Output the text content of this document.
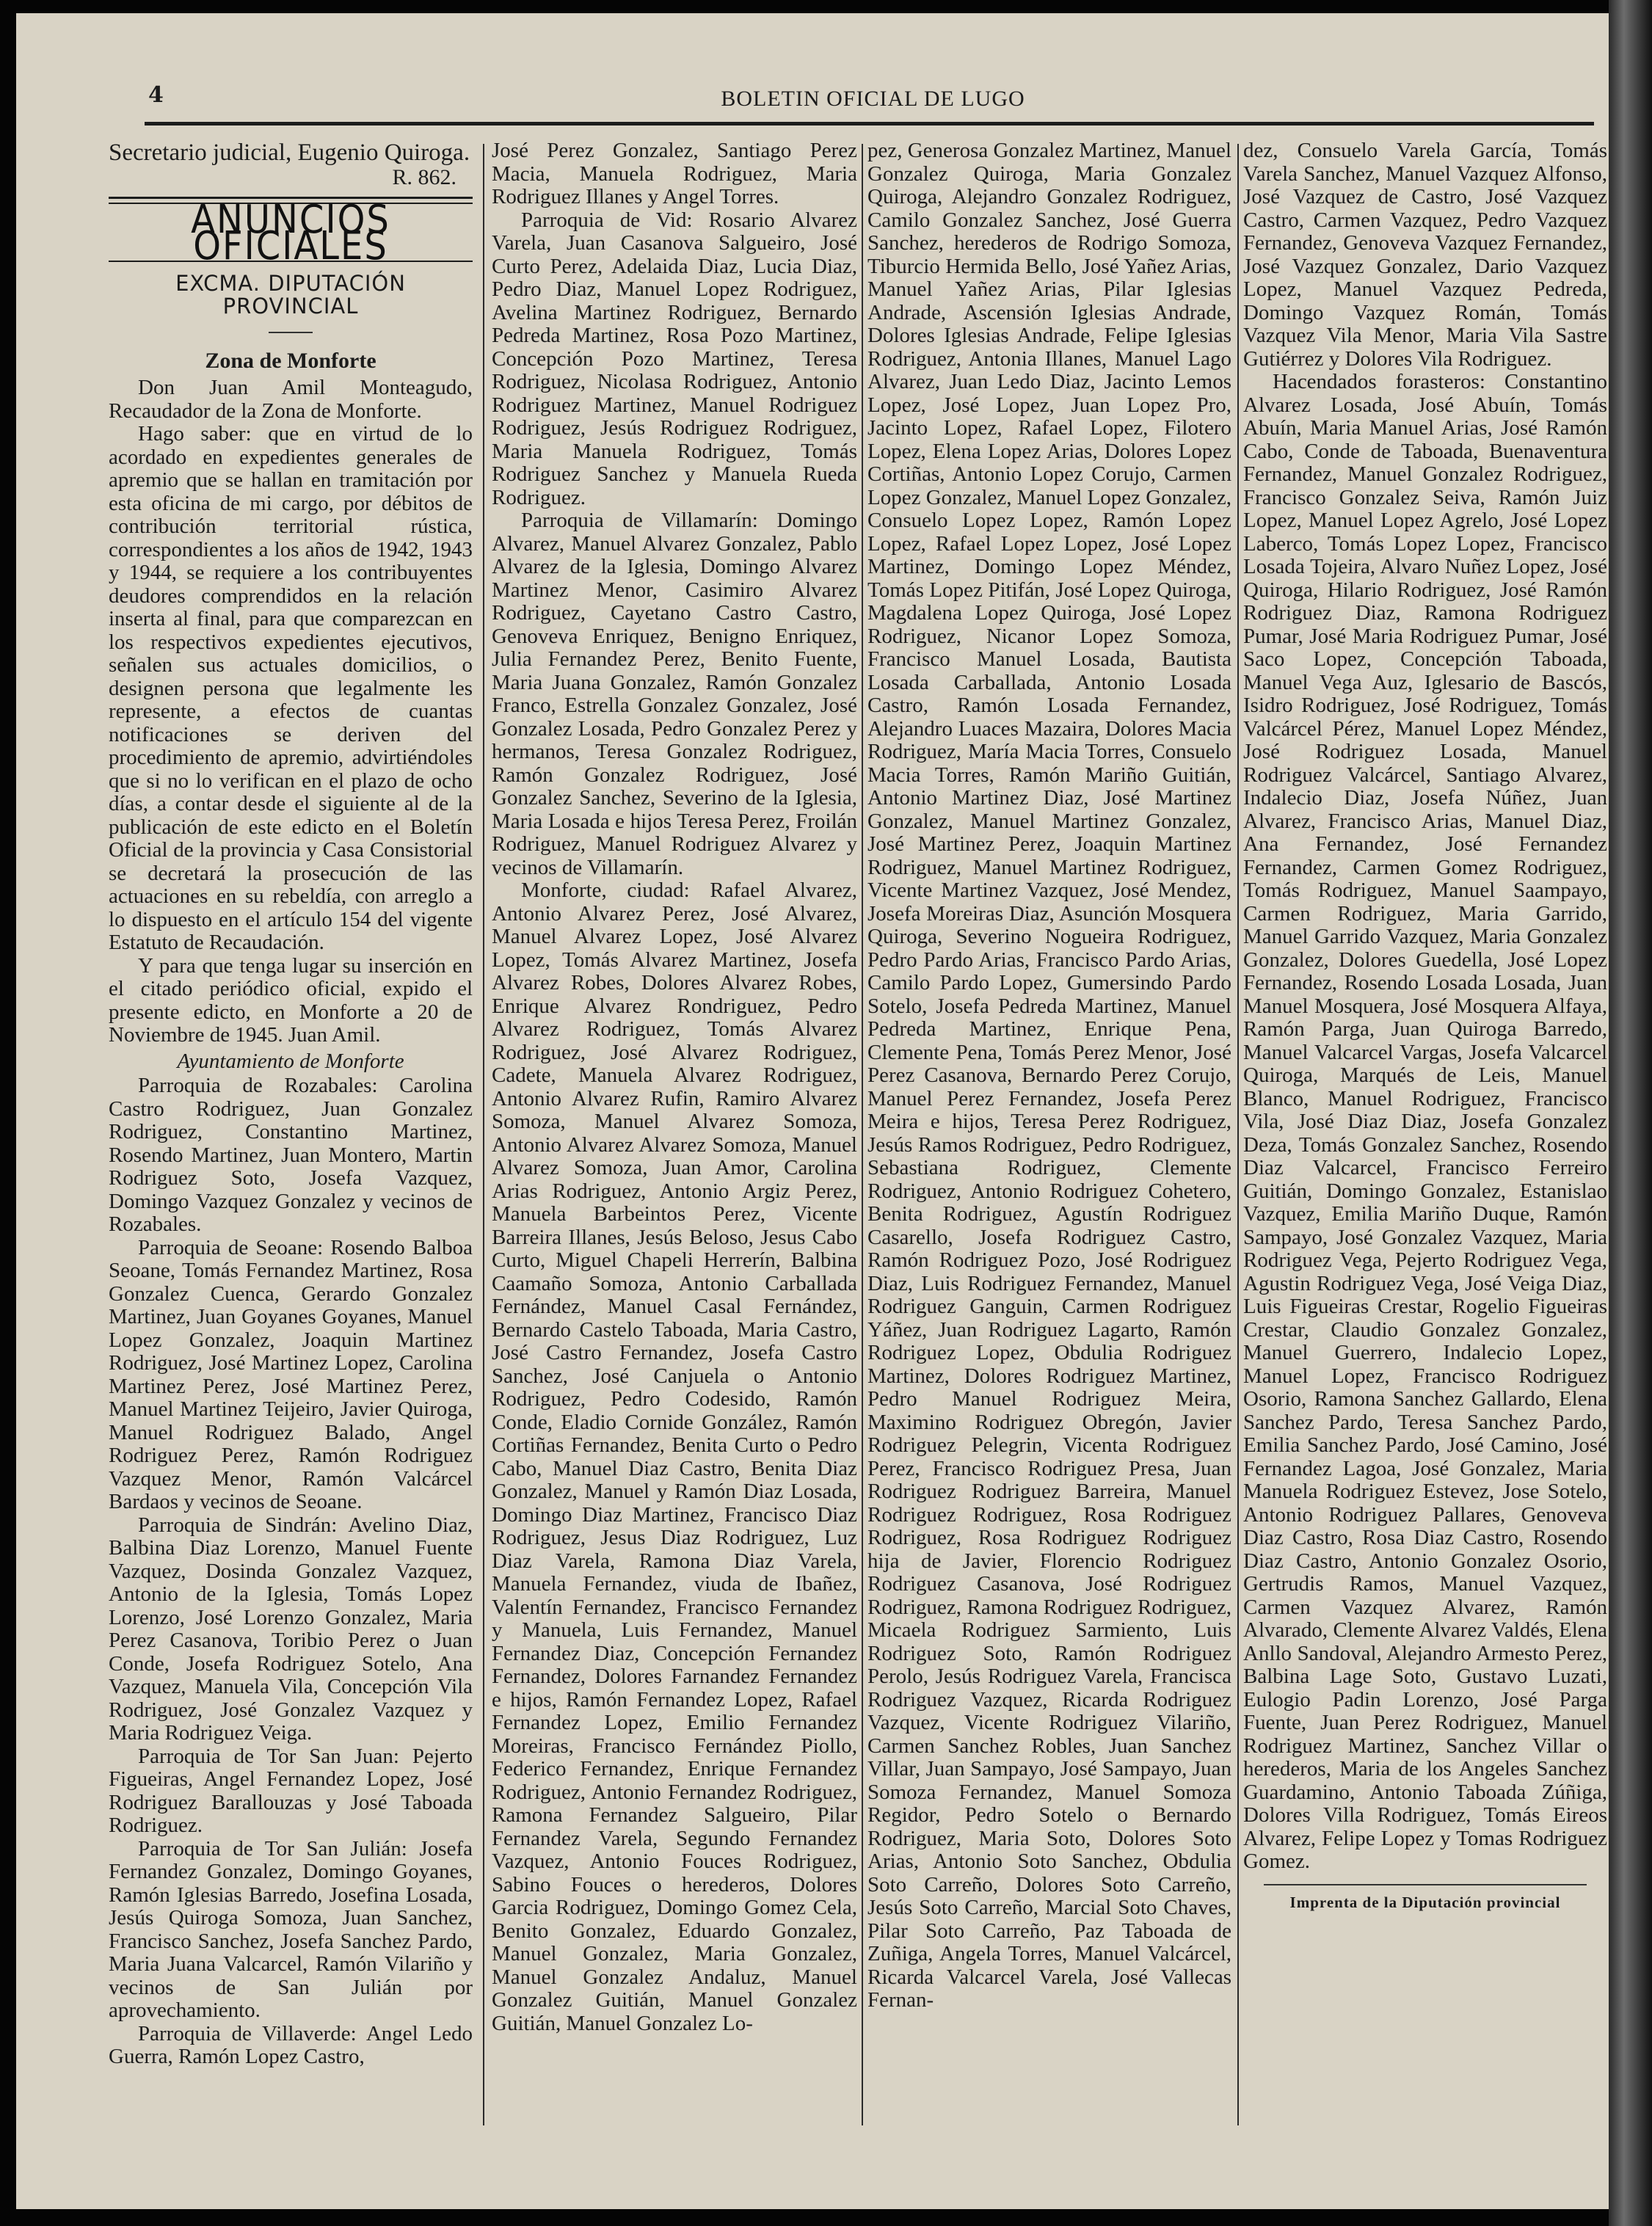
4	BOLETIN OFICIAL DE LUGO

Secretario judicial, Eugenio Quiroga.

R. 862.

ANUNCIOS OFICIALES
EXCMA. DIPUTACIÓN PROVINCIAL
Zona de Monforte

Don Juan Amil Monteagudo, Recaudador de la Zona de Monforte.

Hago saber: que en virtud de lo acordado en expedientes generales de apremio que se hallan en tramitación por esta oficina de mi cargo, por débitos de contribución territorial rústica, correspondientes a los años de 1942, 1943 y 1944, se requiere a los contribuyentes deudores comprendidos en la relación inserta al final, para que comparezcan en los respectivos expedientes ejecutivos, señalen sus actuales domicilios, o designen persona que legalmente les represente, a efectos de cuantas notificaciones se deriven del procedimiento de apremio, advirtiéndoles que si no lo verifican en el plazo de ocho días, a contar desde el siguiente al de la publicación de este edicto en el Boletín Oficial de la provincia y Casa Consistorial se decretará la prosecución de las actuaciones en su rebeldía, con arreglo a lo dispuesto en el artículo 154 del vigente Estatuto de Recaudación.

Y para que tenga lugar su inserción en el citado periódico oficial, expido el presente edicto, en Monforte a 20 de Noviembre de 1945. Juan Amil.

Ayuntamiento de Monforte

Parroquia de Rozabales: Carolina Castro Rodriguez, Juan Gonzalez Rodriguez, Constantino Martinez, Rosendo Martinez, Juan Montero, Martin Rodriguez Soto, Josefa Vazquez, Domingo Vazquez Gonzalez y vecinos de Rozabales.

Parroquia de Seoane: Rosendo Balboa Seoane, Tomás Fernandez Martinez, Rosa Gonzalez Cuenca, Gerardo Gonzalez Martinez, Juan Goyanes Goyanes, Manuel Lopez Gonzalez, Joaquin Martinez Rodriguez, José Martinez Lopez, Carolina Martinez Perez, José Martinez Perez, Manuel Martinez Teijeiro, Javier Quiroga, Manuel Rodriguez Balado, Angel Rodriguez Perez, Ramón Rodriguez Vazquez Menor, Ramón Valcárcel Bardaos y vecinos de Seoane.

Parroquia de Sindrán: Avelino Diaz, Balbina Diaz Lorenzo, Manuel Fuente Vazquez, Dosinda Gonzalez Vazquez, Antonio de la Iglesia, Tomás Lopez Lorenzo, José Lorenzo Gonzalez, Maria Perez Casanova, Toribio Perez o Juan Conde, Josefa Rodriguez Sotelo, Ana Vazquez, Manuela Vila, Concepción Vila Rodriguez, José Gonzalez Vazquez y Maria Rodriguez Veiga.

Parroquia de Tor San Juan: Pejerto Figueiras, Angel Fernandez Lopez, José Rodriguez Barallouzas y José Taboada Rodriguez.

Parroquia de Tor San Julián: Josefa Fernandez Gonzalez, Domingo Goyanes, Ramón Iglesias Barredo, Josefina Losada, Jesús Quiroga Somoza, Juan Sanchez, Francisco Sanchez, Josefa Sanchez Pardo, Maria Juana Valcarcel, Ramón Vilariño y vecinos de San Julián por aprovechamiento.

Parroquia de Villaverde: Angel Ledo Guerra, Ramón Lopez Castro,

José Perez Gonzalez, Santiago Perez Macia, Manuela Rodriguez, Maria Rodriguez Illanes y Angel Torres.

Parroquia de Vid: Rosario Alvarez Varela, Juan Casanova Salgueiro, José Curto Perez, Adelaida Diaz, Lucia Diaz, Pedro Diaz, Manuel Lopez Rodriguez, Avelina Martinez Rodriguez, Bernardo Pedreda Martinez, Rosa Pozo Martinez, Concepción Pozo Martinez, Teresa Rodriguez, Nicolasa Rodriguez, Antonio Rodriguez Martinez, Manuel Rodriguez Rodriguez, Jesús Rodriguez Rodriguez, Maria Manuela Rodriguez, Tomás Rodriguez Sanchez y Manuela Rueda Rodriguez.

Parroquia de Villamarín: Domingo Alvarez, Manuel Alvarez Gonzalez, Pablo Alvarez de la Iglesia, Domingo Alvarez Martinez Menor, Casimiro Alvarez Rodriguez, Cayetano Castro Castro, Genoveva Enriquez, Benigno Enriquez, Julia Fernandez Perez, Benito Fuente, Maria Juana Gonzalez, Ramón Gonzalez Franco, Estrella Gonzalez Gonzalez, José Gonzalez Losada, Pedro Gonzalez Perez y hermanos, Teresa Gonzalez Rodriguez, Ramón Gonzalez Rodriguez, José Gonzalez Sanchez, Severino de la Iglesia, Maria Losada e hijos Teresa Perez, Froilán Rodriguez, Manuel Rodriguez Alvarez y vecinos de Villamarín.

Monforte, ciudad: Rafael Alvarez, Antonio Alvarez Perez, José Alvarez, Manuel Alvarez Lopez, José Alvarez Lopez, Tomás Alvarez Martinez, Josefa Alvarez Robes, Dolores Alvarez Robes, Enrique Alvarez Rondriguez, Pedro Alvarez Rodriguez, Tomás Alvarez Rodriguez, José Alvarez Rodriguez, Cadete, Manuela Alvarez Rodriguez, Antonio Alvarez Rufin, Ramiro Alvarez Somoza, Manuel Alvarez Somoza, Antonio Alvarez Alvarez Somoza, Manuel Alvarez Somoza, Juan Amor, Carolina Arias Rodriguez, Antonio Argiz Perez, Manuela Barbeintos Perez, Vicente Barreira Illanes, Jesús Beloso, Jesus Cabo Curto, Miguel Chapeli Herrerín, Balbina Caamaño Somoza, Antonio Carballada Fernández, Manuel Casal Fernández, Bernardo Castelo Taboada, Maria Castro, José Castro Fernandez, Josefa Castro Sanchez, José Canjuela o Antonio Rodriguez, Pedro Codesido, Ramón Conde, Eladio Cornide González, Ramón Cortiñas Fernandez, Benita Curto o Pedro Cabo, Manuel Diaz Castro, Benita Diaz Gonzalez, Manuel y Ramón Diaz Losada, Domingo Diaz Martinez, Francisco Diaz Rodriguez, Jesus Diaz Rodriguez, Luz Diaz Varela, Ramona Diaz Varela, Manuela Fernandez, viuda de Ibañez, Valentín Fernandez, Francisco Fernandez y Manuela, Luis Fernandez, Manuel Fernandez Diaz, Concepción Fernandez Fernandez, Dolores Farnandez Fernandez e hijos, Ramón Fernandez Lopez, Rafael Fernandez Lopez, Emilio Fernandez Moreiras, Francisco Fernández Piollo, Federico Fernandez, Enrique Fernandez Rodriguez, Antonio Fernandez Rodriguez, Ramona Fernandez Salgueiro, Pilar Fernandez Varela, Segundo Fernandez Vazquez, Antonio Fouces Rodriguez, Sabino Fouces o herederos, Dolores Garcia Rodriguez, Domingo Gomez Cela, Benito Gonzalez, Eduardo Gonzalez, Manuel Gonzalez, Maria Gonzalez, Manuel Gonzalez Andaluz, Manuel Gonzalez Guitián, Manuel Gonzalez Guitián, Manuel Gonzalez Lo-

pez, Generosa Gonzalez Martinez, Manuel Gonzalez Quiroga, Maria Gonzalez Quiroga, Alejandro Gonzalez Rodriguez, Camilo Gonzalez Sanchez, José Guerra Sanchez, herederos de Rodrigo Somoza, Tiburcio Hermida Bello, José Yañez Arias, Manuel Yañez Arias, Pilar Iglesias Andrade, Ascensión Iglesias Andrade, Dolores Iglesias Andrade, Felipe Iglesias Rodriguez, Antonia Illanes, Manuel Lago Alvarez, Juan Ledo Diaz, Jacinto Lemos Lopez, José Lopez, Juan Lopez Pro, Jacinto Lopez, Rafael Lopez, Filotero Lopez, Elena Lopez Arias, Dolores Lopez Cortiñas, Antonio Lopez Corujo, Carmen Lopez Gonzalez, Manuel Lopez Gonzalez, Consuelo Lopez Lopez, Ramón Lopez Lopez, Rafael Lopez Lopez, José Lopez Martinez, Domingo Lopez Méndez, Tomás Lopez Pitifán, José Lopez Quiroga, Magdalena Lopez Quiroga, José Lopez Rodriguez, Nicanor Lopez Somoza, Francisco Manuel Losada, Bautista Losada Carballada, Antonio Losada Castro, Ramón Losada Fernandez, Alejandro Luaces Mazaira, Dolores Macia Rodriguez, María Macia Torres, Consuelo Macia Torres, Ramón Mariño Guitián, Antonio Martinez Diaz, José Martinez Gonzalez, Manuel Martinez Gonzalez, José Martinez Perez, Joaquin Martinez Rodriguez, Manuel Martinez Rodriguez, Vicente Martinez Vazquez, José Mendez, Josefa Moreiras Diaz, Asunción Mosquera Quiroga, Severino Nogueira Rodriguez, Pedro Pardo Arias, Francisco Pardo Arias, Camilo Pardo Lopez, Gumersindo Pardo Sotelo, Josefa Pedreda Martinez, Manuel Pedreda Martinez, Enrique Pena, Clemente Pena, Tomás Perez Menor, José Perez Casanova, Bernardo Perez Corujo, Manuel Perez Fernandez, Josefa Perez Meira e hijos, Teresa Perez Rodriguez, Jesús Ramos Rodriguez, Pedro Rodriguez, Sebastiana Rodriguez, Clemente Rodriguez, Antonio Rodriguez Cohetero, Benita Rodriguez, Agustín Rodriguez Casarello, Josefa Rodriguez Castro, Ramón Rodriguez Pozo, José Rodriguez Diaz, Luis Rodriguez Fernandez, Manuel Rodriguez Ganguin, Carmen Rodriguez Yáñez, Juan Rodriguez Lagarto, Ramón Rodriguez Lopez, Obdulia Rodriguez Martinez, Dolores Rodriguez Martinez, Pedro Manuel Rodriguez Meira, Maximino Rodriguez Obregón, Javier Rodriguez Pelegrin, Vicenta Rodriguez Perez, Francisco Rodriguez Presa, Juan Rodriguez Rodriguez Barreira, Manuel Rodriguez Rodriguez, Rosa Rodriguez Rodriguez, Rosa Rodriguez Rodriguez hija de Javier, Florencio Rodriguez Rodriguez Casanova, José Rodriguez Rodriguez, Ramona Rodriguez Rodriguez, Micaela Rodriguez Sarmiento, Luis Rodriguez Soto, Ramón Rodriguez Perolo, Jesús Rodriguez Varela, Francisca Rodriguez Vazquez, Ricarda Rodriguez Vazquez, Vicente Rodriguez Vilariño, Carmen Sanchez Robles, Juan Sanchez Villar, Juan Sampayo, José Sampayo, Juan Somoza Fernandez, Manuel Somoza Regidor, Pedro Sotelo o Bernardo Rodriguez, Maria Soto, Dolores Soto Arias, Antonio Soto Sanchez, Obdulia Soto Carreño, Dolores Soto Carreño, Jesús Soto Carreño, Marcial Soto Chaves, Pilar Soto Carreño, Paz Taboada de Zuñiga, Angela Torres, Manuel Valcárcel, Ricarda Valcarcel Varela, José Vallecas Fernan-

dez, Consuelo Varela García, Tomás Varela Sanchez, Manuel Vazquez Alfonso, José Vazquez de Castro, José Vazquez Castro, Carmen Vazquez, Pedro Vazquez Fernandez, Genoveva Vazquez Fernandez, José Vazquez Gonzalez, Dario Vazquez Lopez, Manuel Vazquez Pedreda, Domingo Vazquez Román, Tomás Vazquez Vila Menor, Maria Vila Sastre Gutiérrez y Dolores Vila Rodriguez.

Hacendados forasteros: Constantino Alvarez Losada, José Abuín, Tomás Abuín, Maria Manuel Arias, José Ramón Cabo, Conde de Taboada, Buenaventura Fernandez, Manuel Gonzalez Rodriguez, Francisco Gonzalez Seiva, Ramón Juiz Lopez, Manuel Lopez Agrelo, José Lopez Laberco, Tomás Lopez Lopez, Francisco Losada Tojeira, Alvaro Nuñez Lopez, José Quiroga, Hilario Rodriguez, José Ramón Rodriguez Diaz, Ramona Rodriguez Pumar, José Maria Rodriguez Pumar, José Saco Lopez, Concepción Taboada, Manuel Vega Auz, Iglesario de Bascós, Isidro Rodriguez, José Rodriguez, Tomás Valcárcel Pérez, Manuel Lopez Méndez, José Rodriguez Losada, Manuel Rodriguez Valcárcel, Santiago Alvarez, Indalecio Diaz, Josefa Núñez, Juan Alvarez, Francisco Arias, Manuel Diaz, Ana Fernandez, José Fernandez Fernandez, Carmen Gomez Rodriguez, Tomás Rodriguez, Manuel Saampayo, Carmen Rodriguez, Maria Garrido, Manuel Garrido Vazquez, Maria Gonzalez Gonzalez, Dolores Guedella, José Lopez Fernandez, Rosendo Losada Losada, Juan Manuel Mosquera, José Mosquera Alfaya, Ramón Parga, Juan Quiroga Barredo, Manuel Valcarcel Vargas, Josefa Valcarcel Quiroga, Marqués de Leis, Manuel Blanco, Manuel Rodriguez, Francisco Vila, José Diaz Diaz, Josefa Gonzalez Deza, Tomás Gonzalez Sanchez, Rosendo Diaz Valcarcel, Francisco Ferreiro Guitián, Domingo Gonzalez, Estanislao Vazquez, Emilia Mariño Duque, Ramón Sampayo, José Gonzalez Vazquez, Maria Rodriguez Vega, Pejerto Rodriguez Vega, Agustin Rodriguez Vega, José Veiga Diaz, Luis Figueiras Crestar, Rogelio Figueiras Crestar, Claudio Gonzalez Gonzalez, Manuel Guerrero, Indalecio Lopez, Manuel Lopez, Francisco Rodriguez Osorio, Ramona Sanchez Gallardo, Elena Sanchez Pardo, Teresa Sanchez Pardo, Emilia Sanchez Pardo, José Camino, José Fernandez Lagoa, José Gonzalez, Maria Manuela Rodriguez Estevez, Jose Sotelo, Antonio Rodriguez Pallares, Genoveva Diaz Castro, Rosa Diaz Castro, Rosendo Diaz Castro, Antonio Gonzalez Osorio, Gertrudis Ramos, Manuel Vazquez, Carmen Vazquez Alvarez, Ramón Alvarado, Clemente Alvarez Valdés, Elena Anllo Sandoval, Alejandro Armesto Perez, Balbina Lage Soto, Gustavo Luzati, Eulogio Padin Lorenzo, José Parga Fuente, Juan Perez Rodriguez, Manuel Rodriguez Martinez, Sanchez Villar o herederos, Maria de los Angeles Sanchez Guardamino, Antonio Taboada Zúñiga, Dolores Villa Rodriguez, Tomás Eireos Alvarez, Felipe Lopez y Tomas Rodriguez Gomez.

Imprenta de la Diputación provincial
